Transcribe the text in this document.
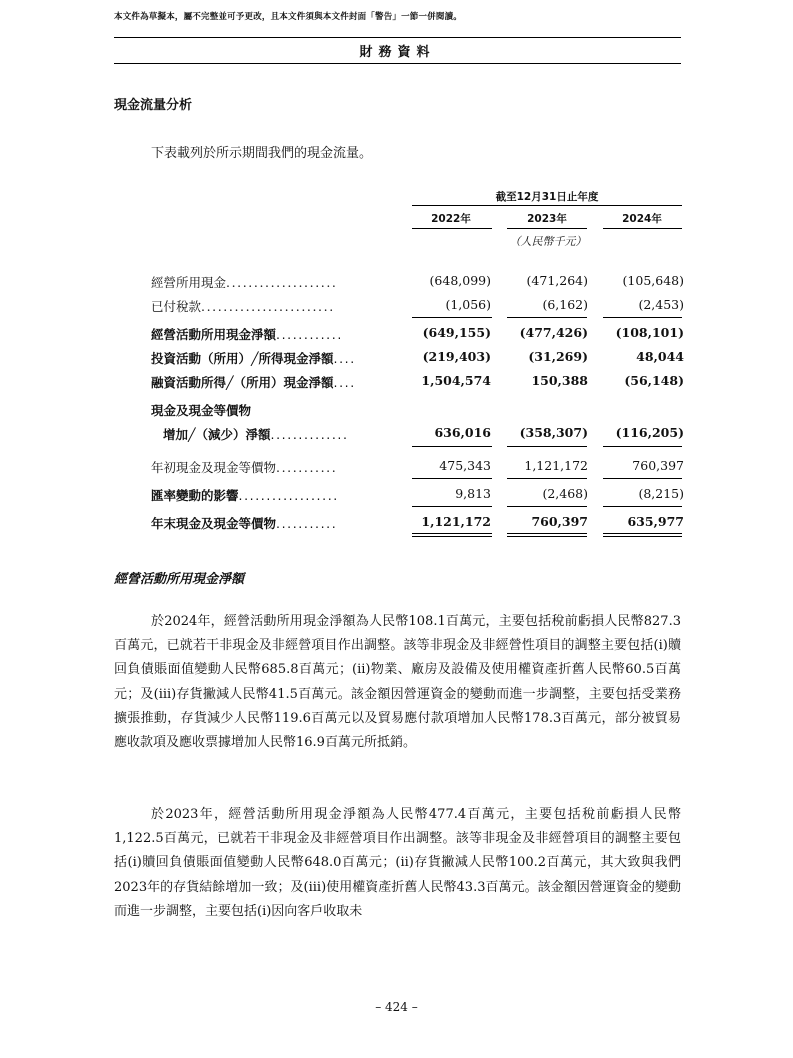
本文件為草擬本，屬不完整並可予更改，且本文件須與本文件封面「警告」一節一併閱讀。
財務資料
現金流量分析
下表載列於所示期間我們的現金流量。
截至12月31日止年度
2022年	2023年	2024年
（人民幣千元）
經營所用現金....................	(648,099)	(471,264)	(105,648)
已付稅款........................	(1,056)	(6,162)	(2,453)
經營活動所用現金淨額............	(649,155)	(477,426)	(108,101)
投資活動（所用）╱所得現金淨額....	(219,403)	(31,269)	48,044
融資活動所得╱（所用）現金淨額....	1,504,574	150,388	(56,148)
現金及現金等價物
增加╱（減少）淨額..............	636,016	(358,307)	(116,205)
年初現金及現金等價物...........	475,343	1,121,172	760,397
匯率變動的影響..................	9,813	(2,468)	(8,215)
年末現金及現金等價物...........	1,121,172	760,397	635,977
經營活動所用現金淨額

於2024年，經營活動所用現金淨額為人民幣108.1百萬元，主要包括稅前虧損人民幣827.3百萬元，已就若干非現金及非經營項目作出調整。該等非現金及非經營性項目的調整主要包括(i)贖回負債賬面值變動人民幣685.8百萬元；(ii)物業、廠房及設備及使用權資產折舊人民幣60.5百萬元；及(iii)存貨撇減人民幣41.5百萬元。該金額因營運資金的變動而進一步調整，主要包括受業務擴張推動，存貨減少人民幣119.6百萬元以及貿易應付款項增加人民幣178.3百萬元，部分被貿易應收款項及應收票據增加人民幣16.9百萬元所抵銷。

於2023年，經營活動所用現金淨額為人民幣477.4百萬元，主要包括稅前虧損人民幣1,122.5百萬元，已就若干非現金及非經營項目作出調整。該等非現金及非經營項目的調整主要包括(i)贖回負債賬面值變動人民幣648.0百萬元；(ii)存貨撇減人民幣100.2百萬元，其大致與我們2023年的存貨結餘增加一致；及(iii)使用權資產折舊人民幣43.3百萬元。該金額因營運資金的變動而進一步調整，主要包括(i)因向客戶收取未

– 424 –
